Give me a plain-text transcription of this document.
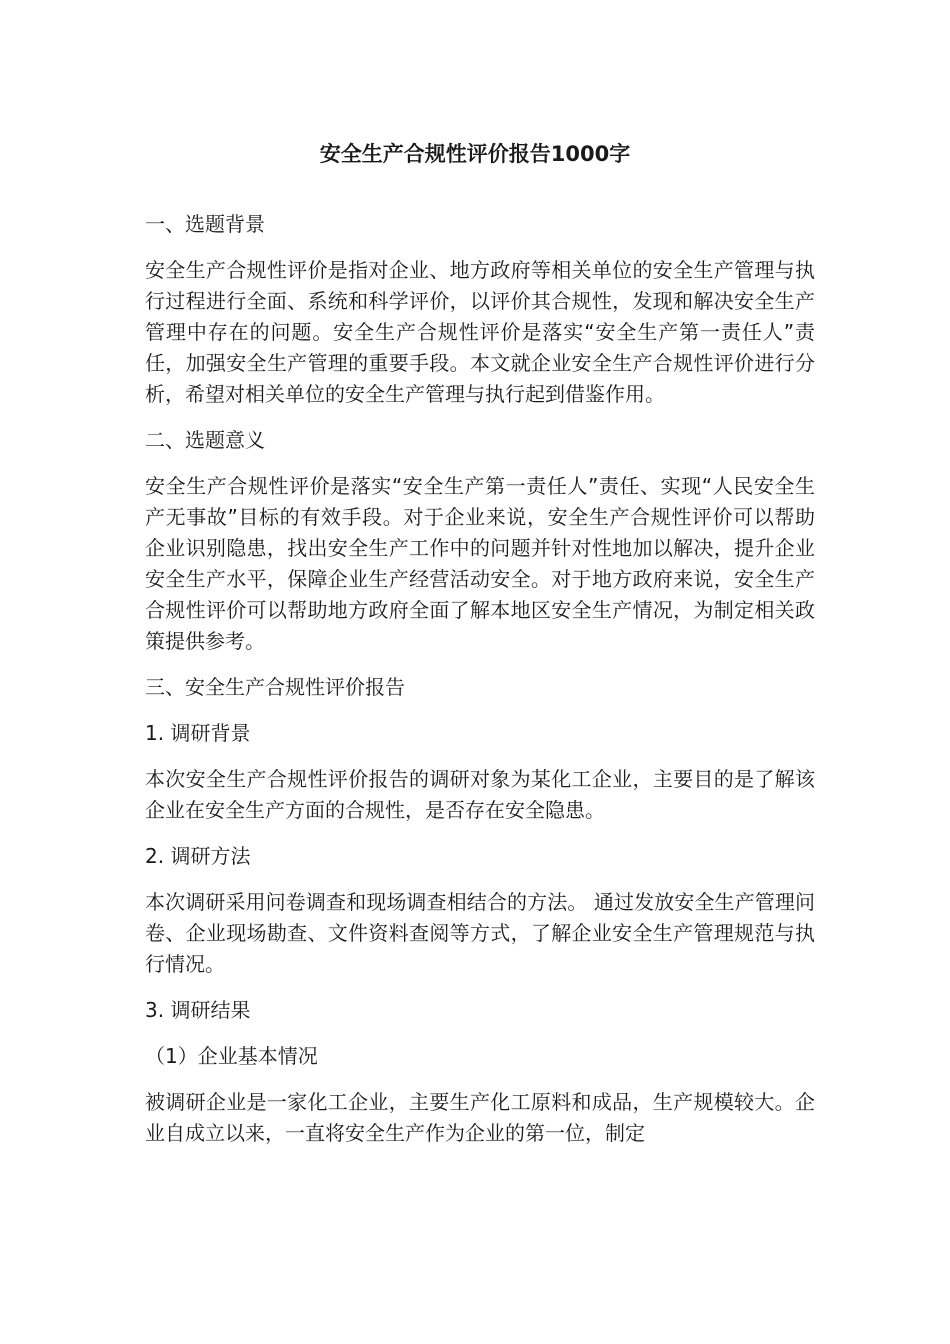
安全生产合规性评价报告1000字

一、选题背景

安全生产合规性评价是指对企业、地方政府等相关单位的安全生产管理与执行过程进行全面、系统和科学评价，以评价其合规性，发现和解决安全生产管理中存在的问题。安全生产合规性评价是落实“安全生产第一责任人”责任，加强安全生产管理的重要手段。本文就企业安全生产合规性评价进行分析，希望对相关单位的安全生产管理与执行起到借鉴作用。

二、选题意义

安全生产合规性评价是落实“安全生产第一责任人”责任、实现“人民安全生产无事故”目标的有效手段。对于企业来说，安全生产合规性评价可以帮助企业识别隐患，找出安全生产工作中的问题并针对性地加以解决，提升企业安全生产水平，保障企业生产经营活动安全。对于地方政府来说，安全生产合规性评价可以帮助地方政府全面了解本地区安全生产情况，为制定相关政策提供参考。

三、安全生产合规性评价报告

1. 调研背景

本次安全生产合规性评价报告的调研对象为某化工企业，主要目的是了解该企业在安全生产方面的合规性，是否存在安全隐患。

2. 调研方法

本次调研采用问卷调查和现场调查相结合的方法。 通过发放安全生产管理问卷、企业现场勘查、文件资料查阅等方式，了解企业安全生产管理规范与执行情况。

3. 调研结果

（1）企业基本情况

被调研企业是一家化工企业，主要生产化工原料和成品，生产规模较大。企业自成立以来，一直将安全生产作为企业的第一位，制定
